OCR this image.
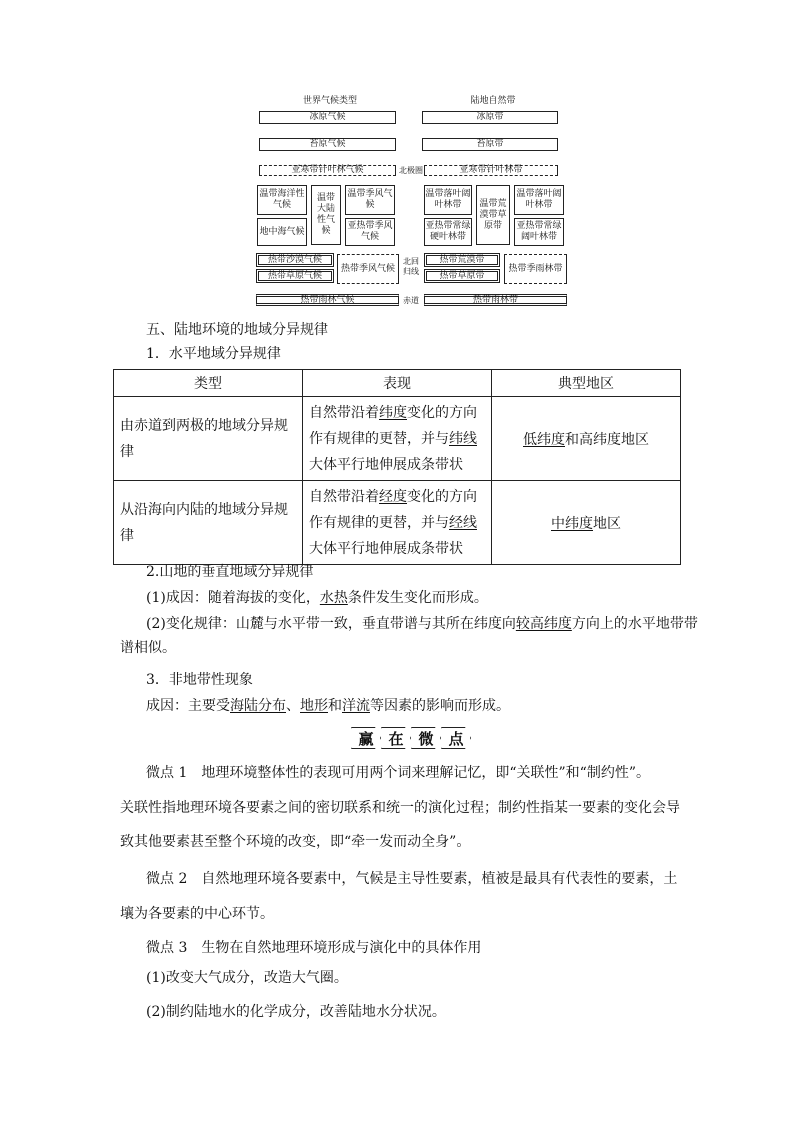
世界气候类型	陆地自然带
冰原气候
苔原气候
亚寒带针叶林气候
温带海洋性气候
温带大陆性气候
温带季风气候
地中海气候
亚热带季风气候
热带沙漠气候
热带草原气候
热带季风气候
热带雨林气候
北极圈
北回归线
赤道
冰原带
苔原带
亚寒带针叶林带
温带落叶阔叶林带	温带荒漠带草原带
温带落叶阔叶林带
亚热带常绿硬叶林带
亚热带常绿阔叶林带
热带荒漠带
热带草原带
热带季雨林带
热带雨林带
五、陆地环境的地域分异规律
1．水平地域分异规律
类型	表现	典型地区
由赤道到两极的地域分异规律	自然带沿着纬度变化的方向作有规律的更替，并与纬线大体平行地伸展成条带状	低纬度和高纬度地区
从沿海向内陆的地域分异规律	自然带沿着经度变化的方向作有规律的更替，并与经线大体平行地伸展成条带状	中纬度地区
2.山地的垂直地域分异规律
(1)成因：随着海拔的变化，水热条件发生变化而形成。
(2)变化规律：山麓与水平带一致，垂直带谱与其所在纬度向较高纬度方向上的水平地带带谱相似。
3．非地带性现象
成因：主要受海陆分布、地形和洋流等因素的影响而形成。
赢 在 微 点
微点 1 地理环境整体性的表现可用两个词来理解记忆，即“关联性”和“制约性”。
关联性指地理环境各要素之间的密切联系和统一的演化过程；制约性指某一要素的变化会导
致其他要素甚至整个环境的改变，即“牵一发而动全身”。
微点 2 自然地理环境各要素中，气候是主导性要素，植被是最具有代表性的要素，土
壤为各要素的中心环节。
微点 3 生物在自然地理环境形成与演化中的具体作用
(1)改变大气成分，改造大气圈。
(2)制约陆地水的化学成分，改善陆地水分状况。
